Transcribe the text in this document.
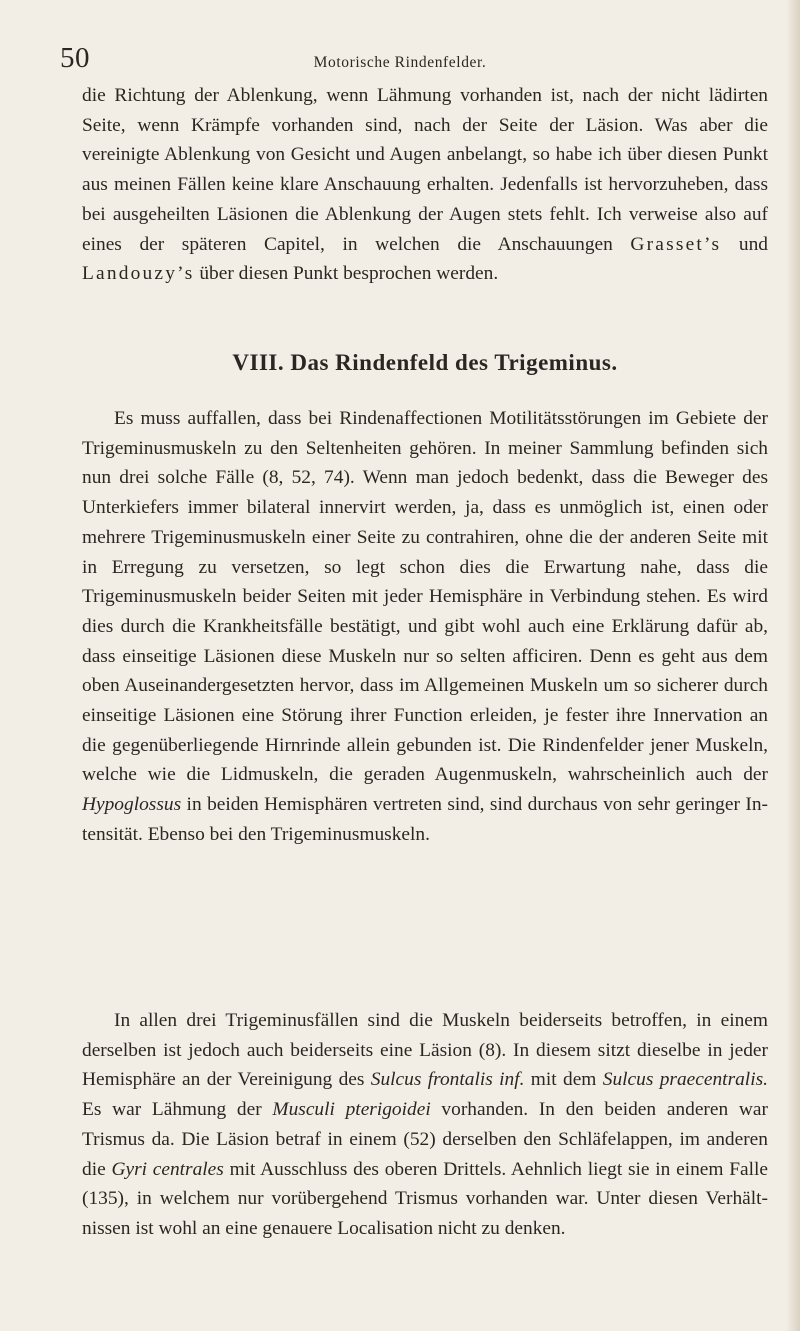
50	Motorische Rindenfelder.

die Richtung der Ablenkung, wenn Lähmung vorhanden ist, nach der nicht lädirten Seite, wenn Krämpfe vorhanden sind, nach der Seite der Läsion. Was aber die vereinigte Ablenkung von Gesicht und Augen anbelangt, so habe ich über diesen Punkt aus meinen Fällen keine klare Anschauung erhalten. Jedenfalls ist hervorzuheben, dass bei ausgeheilten Läsionen die Ablenkung der Augen stets fehlt. Ich verweise also auf eines der späteren Capitel, in welchen die Anschauungen Grasset’s und Landouzy’s über diesen Punkt besprochen werden.

VIII. Das Rindenfeld des Trigeminus.

Es muss auffallen, dass bei Rindenaffectionen Motilitätsstörungen im Gebiete der Trigeminusmuskeln zu den Seltenheiten gehören. In meiner Sammlung befinden sich nun drei solche Fälle (8, 52, 74). Wenn man jedoch bedenkt, dass die Beweger des Unterkiefers immer bilateral innervirt werden, ja, dass es unmöglich ist, einen oder mehrere Trigeminusmuskeln einer Seite zu contrahiren, ohne die der anderen Seite mit in Erregung zu versetzen, so legt schon dies die Erwartung nahe, dass die Trigeminusmuskeln beider Seiten mit jeder Hemisphäre in Verbindung stehen. Es wird dies durch die Krankheitsfälle bestätigt, und gibt wohl auch eine Erklärung dafür ab, dass einseitige Läsionen diese Muskeln nur so selten afficiren. Denn es geht aus dem oben Auseinandergesetzten hervor, dass im Allgemeinen Muskeln um so sicherer durch einseitige Läsionen eine Störung ihrer Function erleiden, je fester ihre Innervation an die gegenüberliegende Hirnrinde allein gebunden ist. Die Rindenfelder jener Muskeln, welche wie die Lidmuskeln, die geraden Augenmuskeln, wahrscheinlich auch der Hypoglossus in beiden Hemisphären vertreten sind, sind durchaus von sehr geringer Intensität. Ebenso bei den Trigeminusmuskeln.

In allen drei Trigeminusfällen sind die Muskeln beiderseits betroffen, in einem derselben ist jedoch auch beiderseits eine Läsion (8). In diesem sitzt dieselbe in jeder Hemisphäre an der Vereinigung des Sulcus frontalis inf. mit dem Sulcus praecentralis. Es war Lähmung der Musculi pterigoidei vorhanden. In den beiden anderen war Trismus da. Die Läsion betraf in einem (52) derselben den Schläfelappen, im anderen die Gyri centrales mit Ausschluss des oberen Drittels. Aehnlich liegt sie in einem Falle (135), in welchem nur vorübergehend Trismus vorhanden war. Unter diesen Verhältnissen ist wohl an eine genauere Localisation nicht zu denken.
